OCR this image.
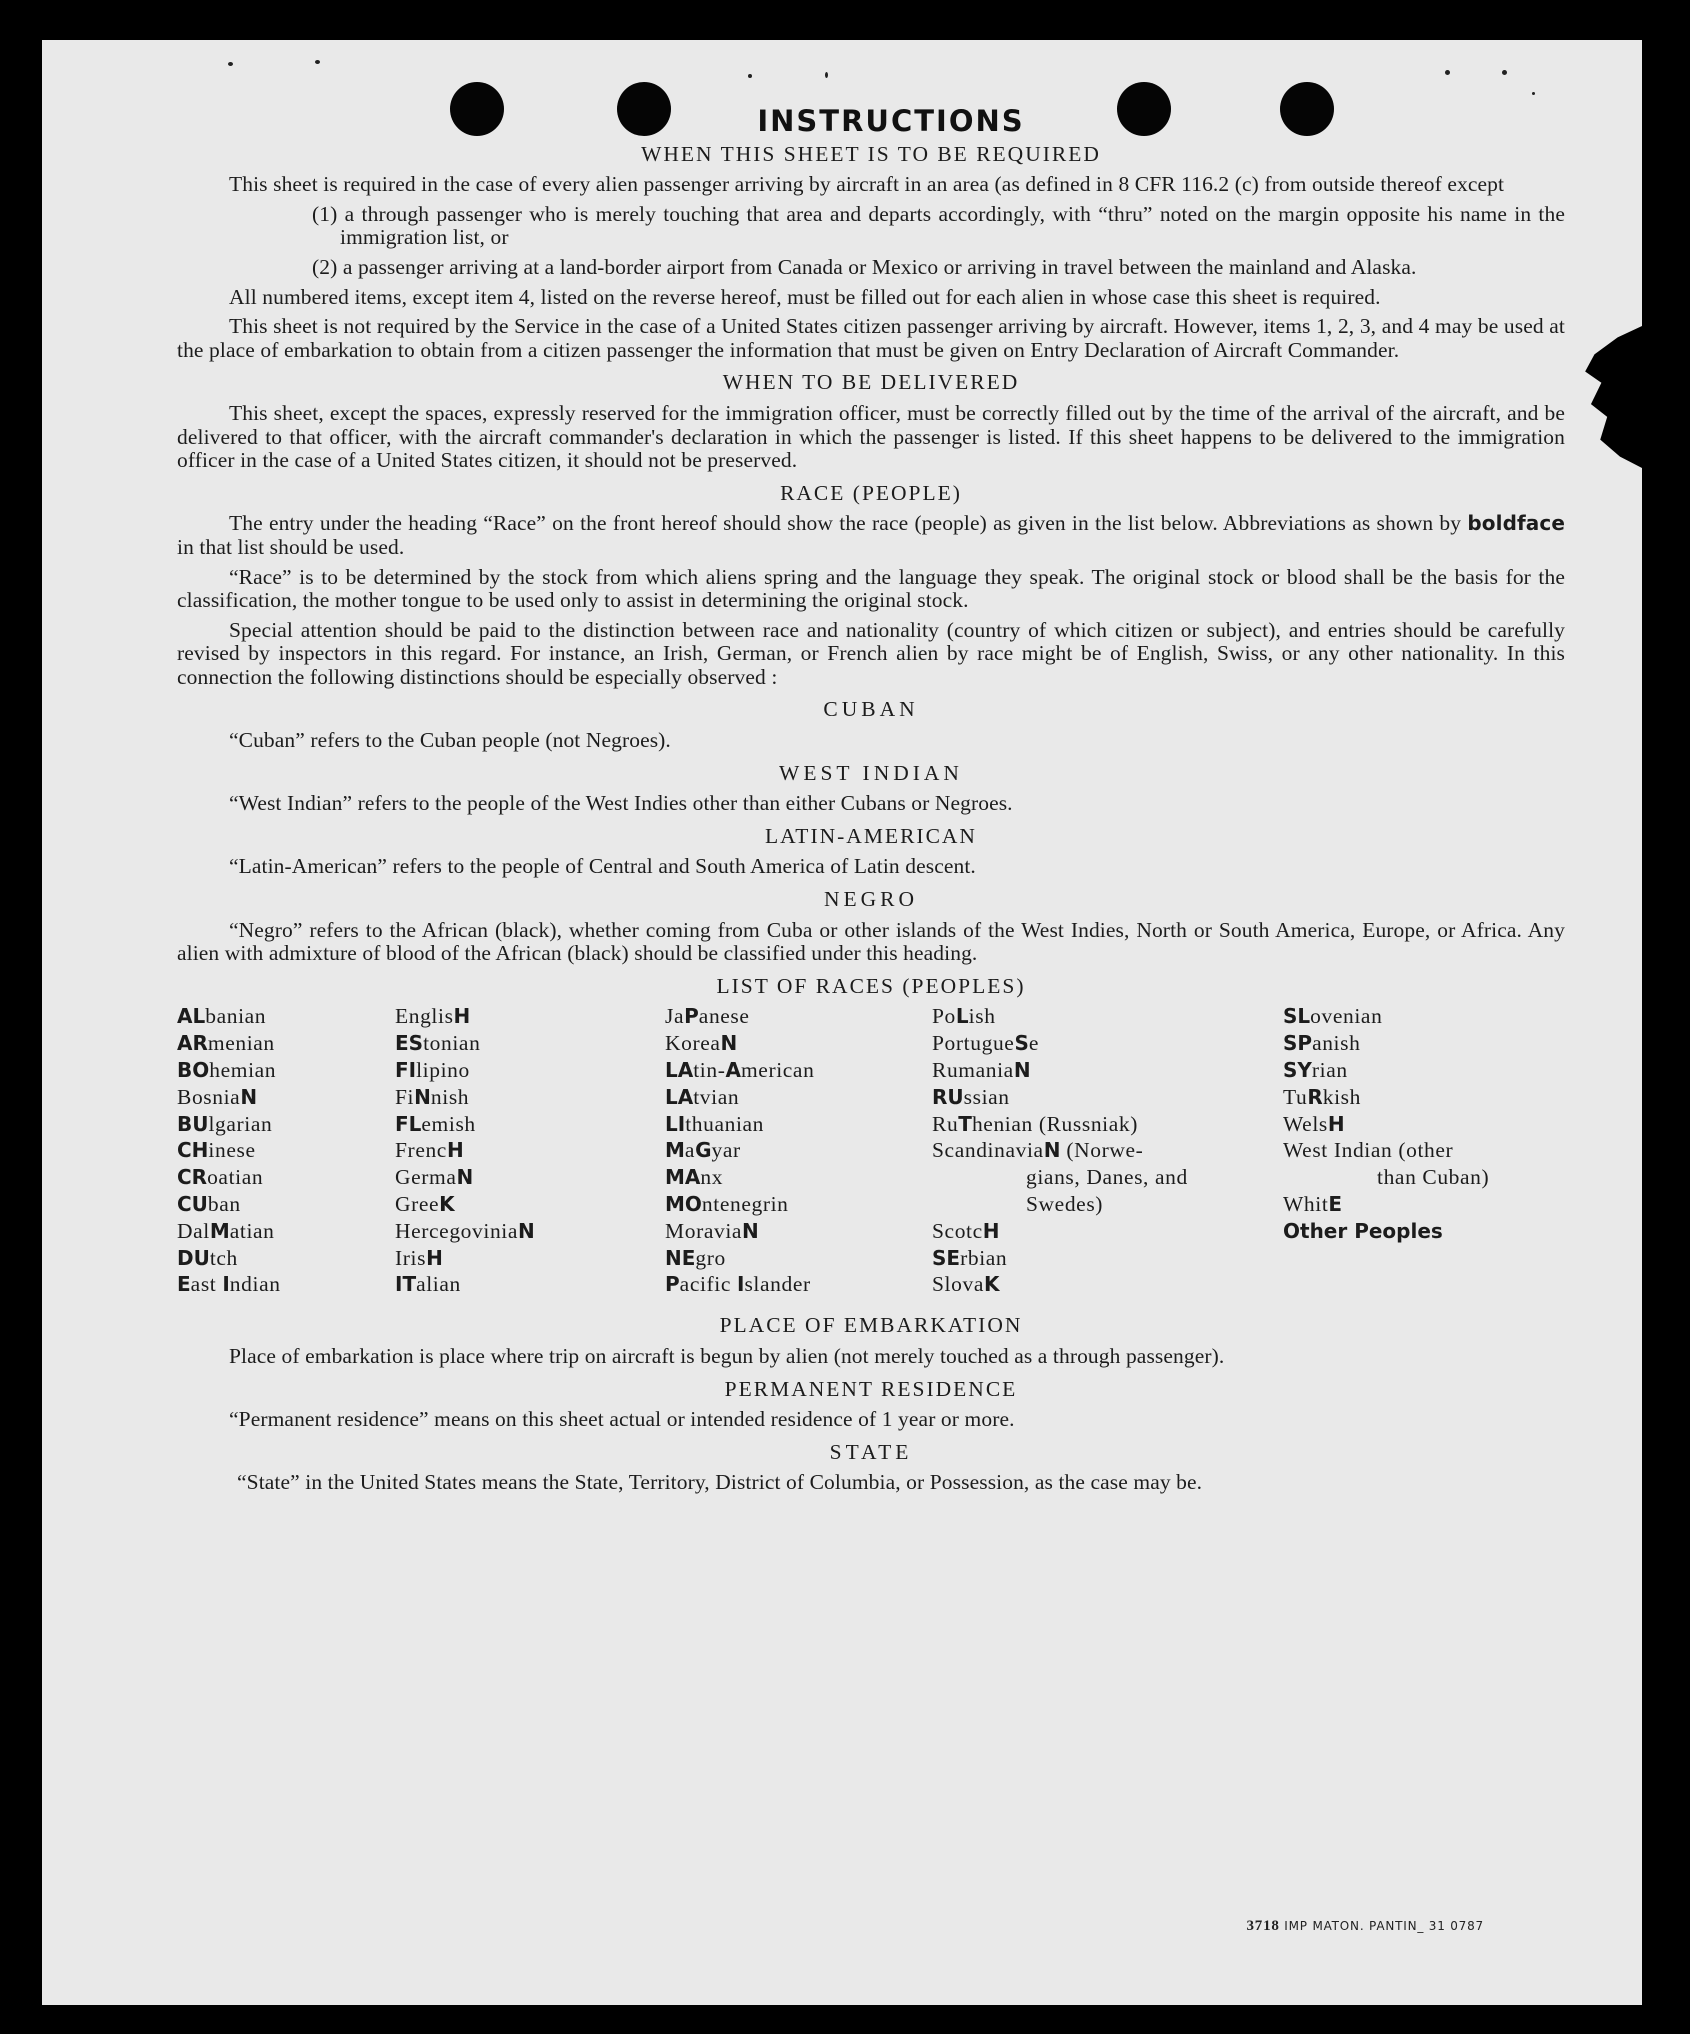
INSTRUCTIONS
WHEN THIS SHEET IS TO BE REQUIRED

This sheet is required in the case of every alien passenger arriving by aircraft in an area (as defined in 8 CFR 116.2 (c) from outside thereof except

(1) a through passenger who is merely touching that area and departs accordingly, with “thru” noted on the margin opposite his name in the immigration list, or

(2) a passenger arriving at a land-border airport from Canada or Mexico or arriving in travel between the mainland and Alaska.

All numbered items, except item 4, listed on the reverse hereof, must be filled out for each alien in whose case this sheet is required.

This sheet is not required by the Service in the case of a United States citizen passenger arriving by aircraft. However, items 1, 2, 3, and 4 may be used at the place of embarkation to obtain from a citizen passenger the information that must be given on Entry Declaration of Aircraft Commander.

WHEN TO BE DELIVERED

This sheet, except the spaces, expressly reserved for the immigration officer, must be correctly filled out by the time of the arrival of the aircraft, and be delivered to that officer, with the aircraft commander's declaration in which the passenger is listed. If this sheet happens to be delivered to the immigration officer in the case of a United States citizen, it should not be preserved.

RACE (PEOPLE)

The entry under the heading “Race” on the front hereof should show the race (people) as given in the list below. Abbreviations as shown by boldface in that list should be used.

“Race” is to be determined by the stock from which aliens spring and the language they speak. The original stock or blood shall be the basis for the classification, the mother tongue to be used only to assist in determining the original stock.

Special attention should be paid to the distinction between race and nationality (country of which citizen or subject), and entries should be carefully revised by inspectors in this regard. For instance, an Irish, German, or French alien by race might be of English, Swiss, or any other nationality. In this connection the following distinctions should be especially observed :

CUBAN

“Cuban” refers to the Cuban people (not Negroes).

WEST INDIAN

“West Indian” refers to the people of the West Indies other than either Cubans or Negroes.

LATIN-AMERICAN

“Latin-American” refers to the people of Central and South America of Latin descent.

NEGRO

“Negro” refers to the African (black), whether coming from Cuba or other islands of the West Indies, North or South America, Europe, or Africa. Any alien with admixture of blood of the African (black) should be classified under this heading.

LIST OF RACES (PEOPLES)
ALbanian
ARmenian
BOhemian
BosniaN
BUlgarian
CHinese
CRoatian
CUban
DalMatian
DUtch
East Indian
EnglisH
EStonian
FIlipino
FiNnish
FLemish
FrencH
GermaN
GreeK
HercegoviniaN
IrisH
ITalian
JaPanese
KoreaN
LAtin-American
LAtvian
LIthuanian
MaGyar
MAnx
MOntenegrin
MoraviaN
NEgro
Pacific Islander
PoLish
PortugueSe
RumaniaN
RUssian
RuThenian (Russniak)
ScandinaviaN (Norwe-
gians, Danes, and
Swedes)
ScotcH
SErbian
SlovaK
SLovenian
SPanish
SYrian
TuRkish
WelsH
West Indian (other
than Cuban)
WhitE
Other Peoples
PLACE OF EMBARKATION

Place of embarkation is place where trip on aircraft is begun by alien (not merely touched as a through passenger).

PERMANENT RESIDENCE

“Permanent residence” means on this sheet actual or intended residence of 1 year or more.

STATE

“State” in the United States means the State, Territory, District of Columbia, or Possession, as the case may be.

3718 IMP MATON. PANTIN_ 31 0787
